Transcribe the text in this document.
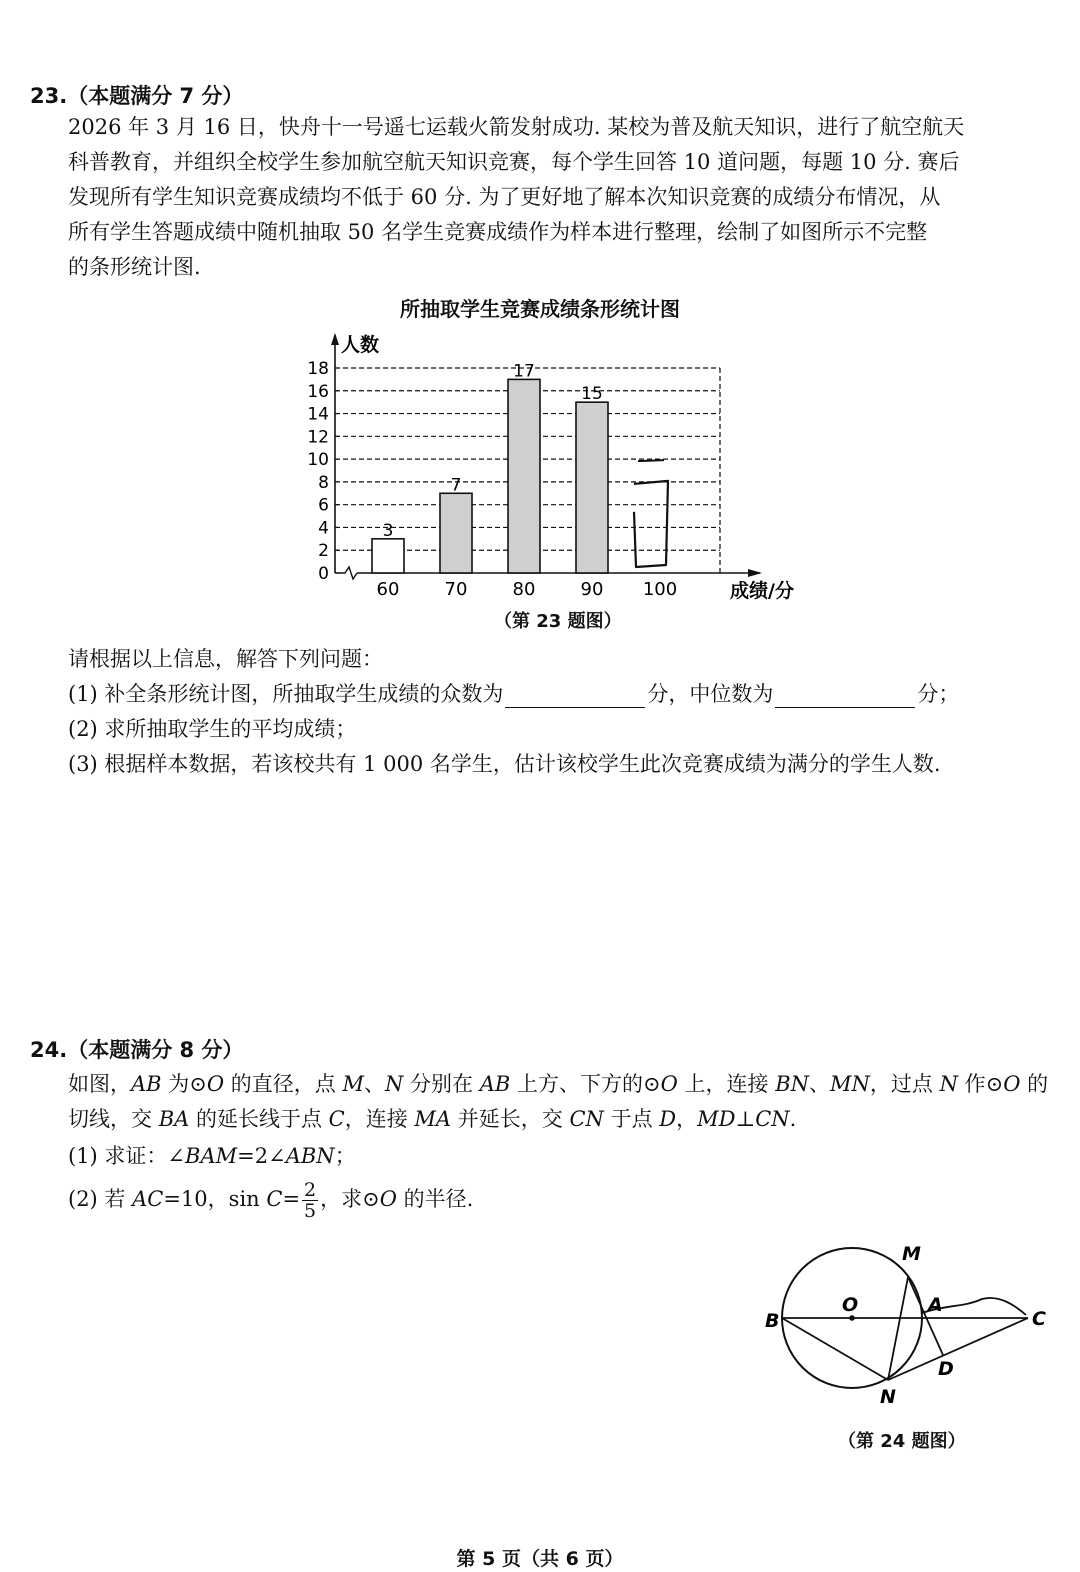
23.（本题满分 7 分）
2026 年 3 月 16 日，快舟十一号遥七运载火箭发射成功. 某校为普及航天知识，进行了航空航天
科普教育，并组织全校学生参加航空航天知识竞赛，每个学生回答 10 道问题，每题 10 分. 赛后
发现所有学生知识竞赛成绩均不低于 60 分. 为了更好地了解本次知识竞赛的成绩分布情况，从
所有学生答题成绩中随机抽取 50 名学生竞赛成绩作为样本进行整理，绘制了如图所示不完整
的条形统计图.
所抽取学生竞赛成绩条形统计图
0
2
4
6
8
10
12
14
16
18
人数
成绩/分
60
3
70
7
80
17
90
15
100
（第 23 题图）
请根据以上信息，解答下列问题：
(1) 补全条形统计图，所抽取学生成绩的众数为	分，中位数为	分；
(2) 求所抽取学生的平均成绩；
(3) 根据样本数据，若该校共有 1 000 名学生，估计该校学生此次竞赛成绩为满分的学生人数.
24.（本题满分 8 分）
如图，AB 为⊙O 的直径，点 M、N 分别在 AB 上方、下方的⊙O 上，连接 BN、MN，过点 N 作⊙O 的
切线，交 BA 的延长线于点 C，连接 MA 并延长，交 CN 于点 D，MD⊥CN.
(1) 求证：∠BAM=2∠ABN；
(2) 若 AC=10，$\sin C= \frac{2}{5}$ ，求⊙O 的半径.
M
O	A
B	C
D
N
（第 24 题图）
第 5 页（共 6 页）
